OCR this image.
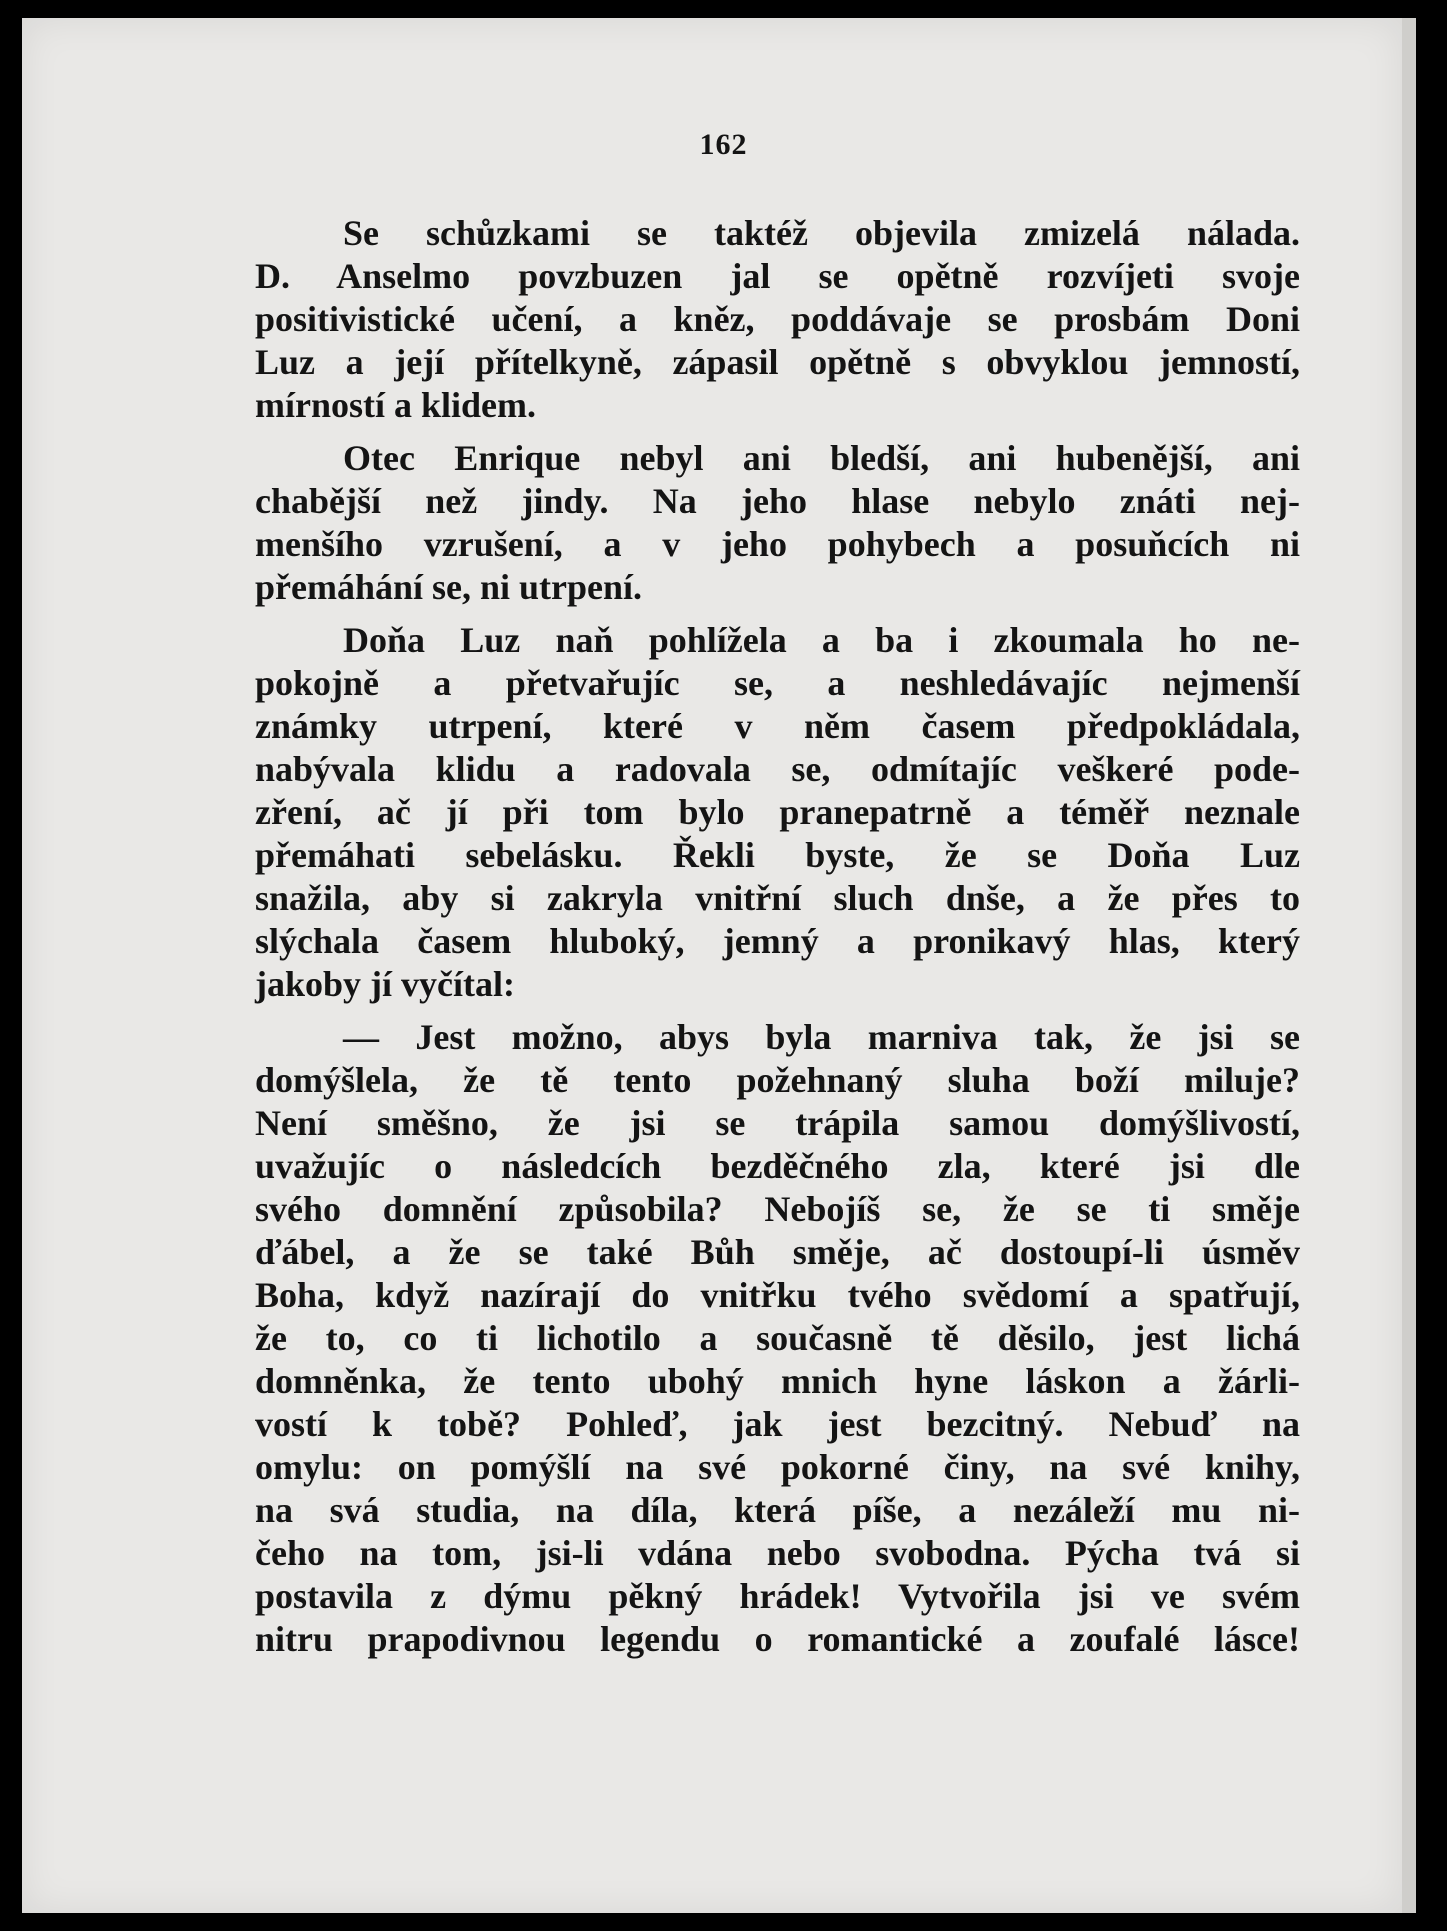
162
Se schůzkami se taktéž objevila zmizelá nálada.
D. Anselmo povzbuzen jal se opětně rozvíjeti svoje
positivistické učení, a kněz, poddávaje se prosbám Doni
Luz a její přítelkyně, zápasil opětně s obvyklou jemností,
mírností a klidem.
Otec Enrique nebyl ani bledší, ani hubenější, ani
chabější než jindy. Na jeho hlase nebylo znáti nej-
menšího vzrušení, a v jeho pohybech a posuňcích ni
přemáhání se, ni utrpení.
Doňa Luz naň pohlížela a ba i zkoumala ho ne-
pokojně a přetvařujíc se, a neshledávajíc nejmenší
známky utrpení, které v něm časem předpokládala,
nabývala klidu a radovala se, odmítajíc veškeré pode-
zření, ač jí při tom bylo pranepatrně a téměř neznale
přemáhati sebelásku. Řekli byste, že se Doňa Luz
snažila, aby si zakryla vnitřní sluch dnše, a že přes to
slýchala časem hluboký, jemný a pronikavý hlas, který
jakoby jí vyčítal:
— Jest možno, abys byla marniva tak, že jsi se
domýšlela, že tě tento požehnaný sluha boží miluje?
Není směšno, že jsi se trápila samou domýšlivostí,
uvažujíc o následcích bezděčného zla, které jsi dle
svého domnění způsobila? Nebojíš se, že se ti směje
ďábel, a že se také Bůh směje, ač dostoupí-li úsměv
Boha, když nazírají do vnitřku tvého svědomí a spatřují,
že to, co ti lichotilo a současně tě děsilo, jest lichá
domněnka, že tento ubohý mnich hyne láskon a žárli-
vostí k tobě? Pohleď, jak jest bezcitný. Nebuď na
omylu: on pomýšlí na své pokorné činy, na své knihy,
na svá studia, na díla, která píše, a nezáleží mu ni-
čeho na tom, jsi-li vdána nebo svobodna. Pýcha tvá si
postavila z dýmu pěkný hrádek! Vytvořila jsi ve svém
nitru prapodivnou legendu o romantické a zoufalé lásce!
